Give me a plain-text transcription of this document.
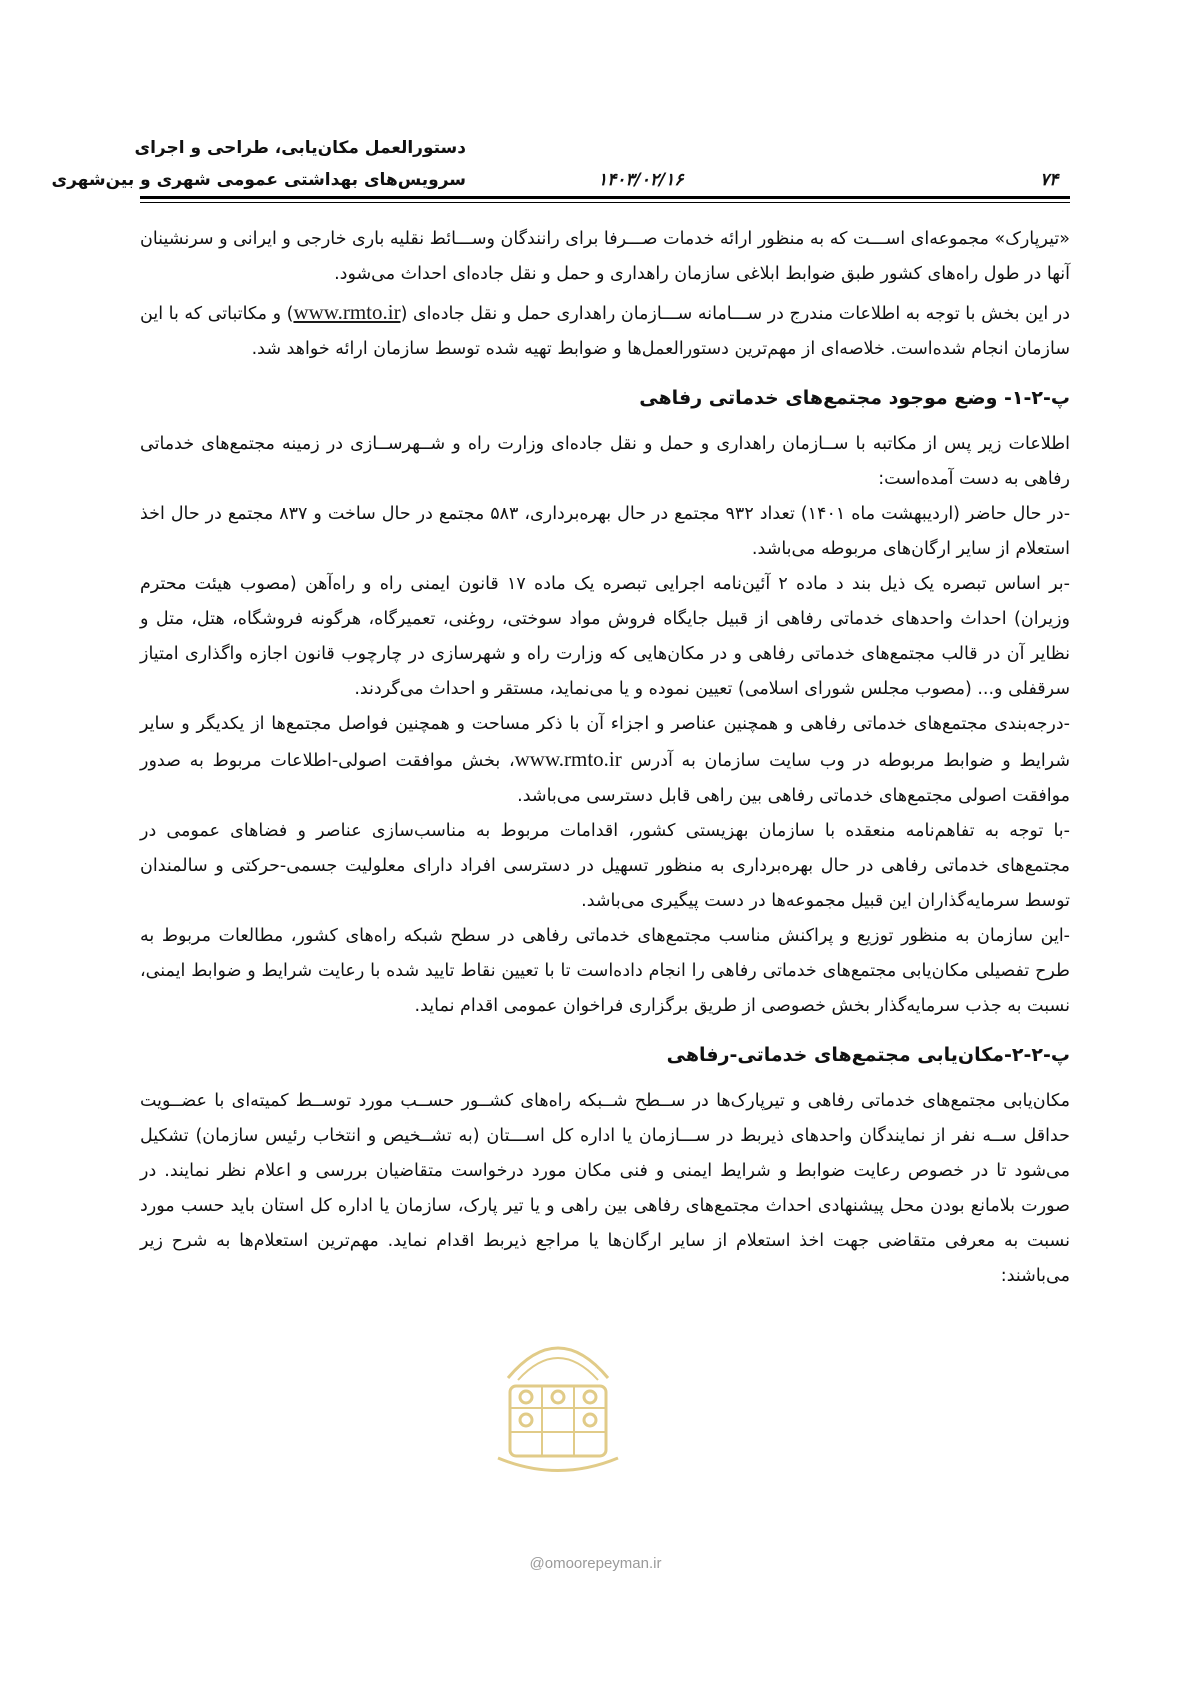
دستورالعمل مکان‌یابی، طراحی و اجرای
سرویس‌های بهداشتی عمومی شهری و بین‌شهری	۱۴۰۳/۰۲/۱۶	۷۴

«تیرپارک» مجموعه‌ای اســـت که به منظور ارائه خدمات صـــرفا برای رانندگان وســـائط نقلیه باری خارجی و ایرانی و سرنشینان آنها در طول راه‌های کشور طبق ضوابط ابلاغی سازمان راهداری و حمل و نقل جاده‌ای احداث می‌شود.

در این بخش با توجه به اطلاعات مندرج در ســـامانه ســـازمان راهداری حمل و نقل جاده‌ای (www.rmto.ir) و مکاتباتی که با این سازمان انجام شده‌است. خلاصه‌ای از مهم‌ترین دستورالعمل‌ها و ضوابط تهیه شده توسط سازمان ارائه خواهد شد.

پ-۲-۱- وضع موجود مجتمع‌های خدماتی رفاهی

اطلاعات زیر پس از مکاتبه با ســازمان راهداری و حمل و نقل جاده‌ای وزارت راه و شــهرســازی در زمینه مجتمع‌های خدماتی رفاهی به دست آمده‌است:

-در حال حاضر (اردیبهشت ماه ۱۴۰۱) تعداد ۹۳۲ مجتمع در حال بهره‌برداری، ۵۸۳ مجتمع در حال ساخت و ۸۳۷ مجتمع در حال اخذ استعلام از سایر ارگان‌های مربوطه می‌باشد.

-بر اساس تبصره یک ذیل بند د ماده ۲ آئین‌نامه اجرایی تبصره یک ماده ۱۷ قانون ایمنی راه و راه‌آهن (مصوب هیئت محترم وزیران) احداث واحدهای خدماتی رفاهی از قبیل جایگاه فروش مواد سوختی، روغنی، تعمیرگاه، هرگونه فروشگاه، هتل، متل و نظایر آن در قالب مجتمع‌های خدماتی رفاهی و در مکان‌هایی که وزارت راه و شهرسازی در چارچوب قانون اجازه واگذاری امتیاز سرقفلی و... (مصوب مجلس شورای اسلامی) تعیین نموده و یا می‌نماید، مستقر و احداث می‌گردند.

-درجه‌بندی مجتمع‌های خدماتی رفاهی و همچنین عناصر و اجزاء آن با ذکر مساحت و همچنین فواصل مجتمع‌ها از یکدیگر و سایر شرایط و ضوابط مربوطه در وب سایت سازمان به آدرس www.rmto.ir، بخش موافقت اصولی-اطلاعات مربوط به صدور موافقت اصولی مجتمع‌های خدماتی رفاهی بین راهی قابل دسترسی می‌باشد.

-با توجه به تفاهم‌نامه منعقده با سازمان بهزیستی کشور، اقدامات مربوط به مناسب‌سازی عناصر و فضاهای عمومی در مجتمع‌های خدماتی رفاهی در حال بهره‌برداری به منظور تسهیل در دسترسی افراد دارای معلولیت جسمی-حرکتی و سالمندان توسط سرمایه‌گذاران این قبیل مجموعه‌ها در دست پیگیری می‌باشد.

-این سازمان به منظور توزیع و پراکنش مناسب مجتمع‌های خدماتی رفاهی در سطح شبکه راه‌های کشور، مطالعات مربوط به طرح تفصیلی مکان‌یابی مجتمع‌های خدماتی رفاهی را انجام داده‌است تا با تعیین نقاط تایید شده با رعایت شرایط و ضوابط ایمنی، نسبت به جذب سرمایه‌گذار بخش خصوصی از طریق برگزاری فراخوان عمومی اقدام نماید.

پ-۲-۲-مکان‌یابی مجتمع‌های خدماتی-رفاهی

مکان‌یابی مجتمع‌های خدماتی رفاهی و تیرپارک‌ها در ســطح شــبکه راه‌های کشــور حســب مورد توســط کمیته‌ای با عضــویت حداقل ســه نفر از نمایندگان واحدهای ذیربط در ســـازمان یا اداره کل اســـتان (به تشــخیص و انتخاب رئیس سازمان) تشکیل می‌شود تا در خصوص رعایت ضوابط و شرایط ایمنی و فنی مکان مورد درخواست متقاضیان بررسی و اعلام نظر نمایند. در صورت بلامانع بودن محل پیشنهادی احداث مجتمع‌های رفاهی بین راهی و یا تیر پارک، سازمان یا اداره کل استان باید حسب مورد نسبت به معرفی متقاضی جهت اخذ استعلام از سایر ارگان‌ها یا مراجع ذیربط اقدام نماید. مهم‌ترین استعلام‌ها به شرح زیر می‌باشند:

@omoorepeyman.ir
